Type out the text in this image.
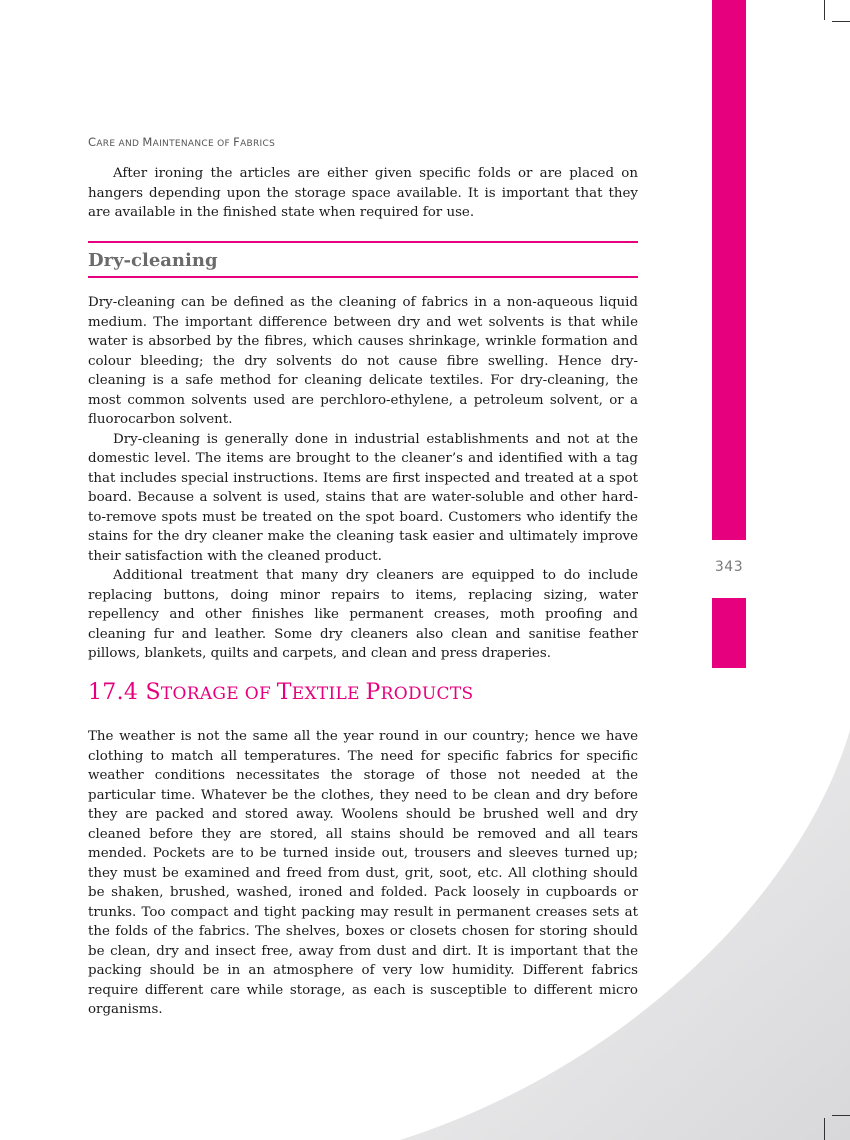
343
CARE AND MAINTENANCE OF FABRICS

After ironing the articles are either given specific folds or are placed on hangers depending upon the storage space available. It is important that they are available in the finished state when required for use.

Dry-cleaning

Dry-cleaning can be defined as the cleaning of fabrics in a non-aqueous liquid medium. The important difference between dry and wet solvents is that while water is absorbed by the fibres, which causes shrinkage, wrinkle formation and colour bleeding; the dry solvents do not cause fibre swelling. Hence dry-cleaning is a safe method for cleaning delicate textiles. For dry-cleaning, the most common solvents used are perchloro-ethylene, a petroleum solvent, or a fluorocarbon solvent.

Dry-cleaning is generally done in industrial establishments and not at the domestic level. The items are brought to the cleaner’s and identified with a tag that includes special instructions. Items are first inspected and treated at a spot board. Because a solvent is used, stains that are water-soluble and other hard-to-remove spots must be treated on the spot board. Customers who identify the stains for the dry cleaner make the cleaning task easier and ultimately improve their satisfaction with the cleaned product.

Additional treatment that many dry cleaners are equipped to do include replacing buttons, doing minor repairs to items, replacing sizing, water repellency and other finishes like permanent creases, moth proofing and cleaning fur and leather. Some dry cleaners also clean and sanitise feather pillows, blankets, quilts and carpets, and clean and press draperies.

17.4 STORAGE OF TEXTILE PRODUCTS

The weather is not the same all the year round in our country; hence we have clothing to match all temperatures. The need for specific fabrics for specific weather conditions necessitates the storage of those not needed at the particular time. Whatever be the clothes, they need to be clean and dry before they are packed and stored away. Woolens should be brushed well and dry cleaned before they are stored, all stains should be removed and all tears mended. Pockets are to be turned inside out, trousers and sleeves turned up; they must be examined and freed from dust, grit, soot, etc. All clothing should be shaken, brushed, washed, ironed and folded. Pack loosely in cupboards or trunks. Too compact and tight packing may result in permanent creases sets at the folds of the fabrics. The shelves, boxes or closets chosen for storing should be clean, dry and insect free, away from dust and dirt. It is important that the packing should be in an atmosphere of very low humidity. Different fabrics require different care while storage, as each is susceptible to different micro organisms.
